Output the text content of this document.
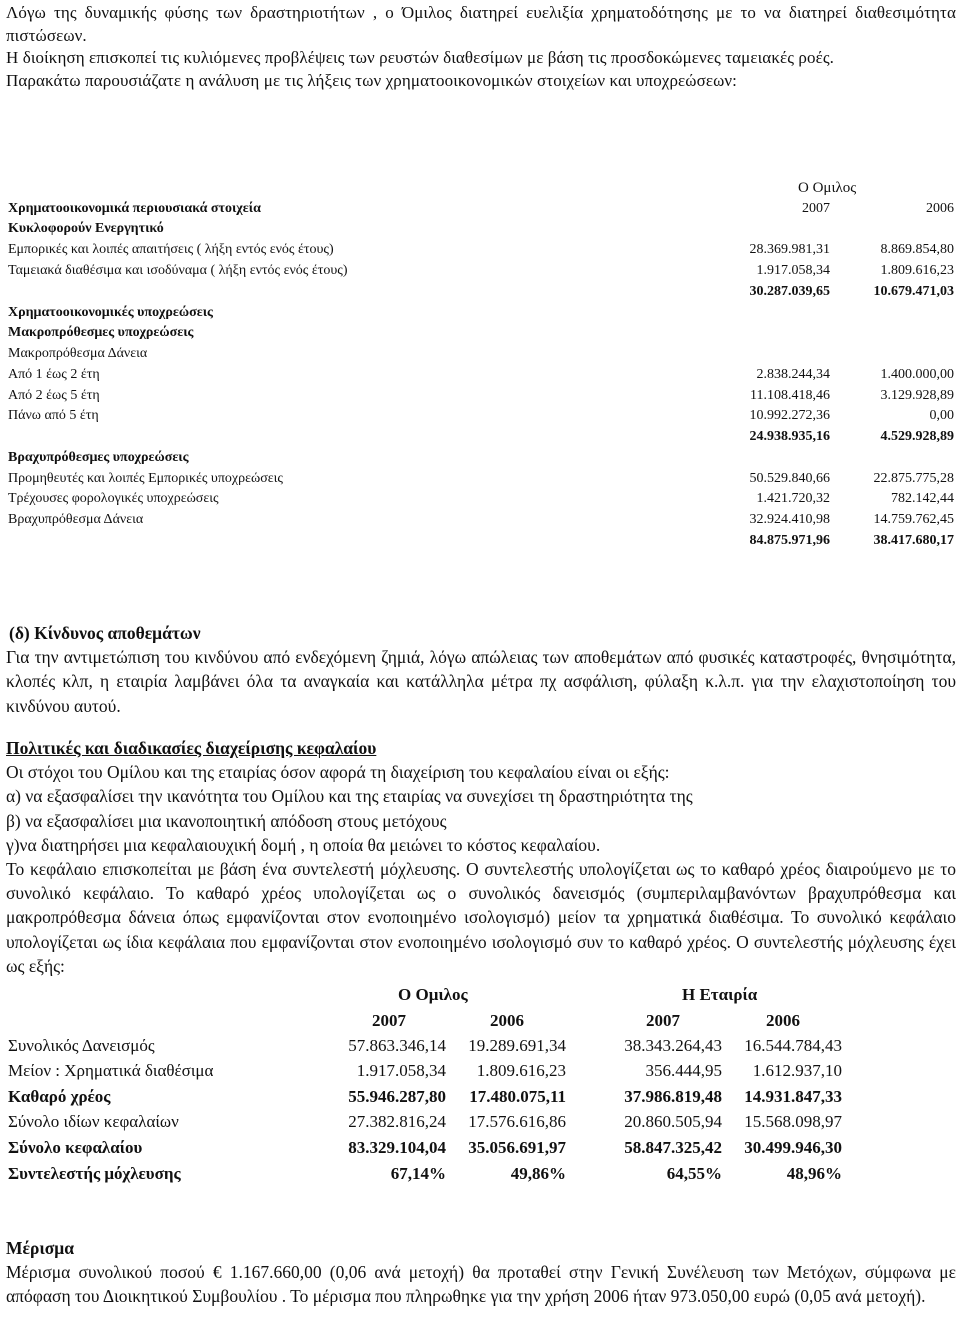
Λόγω της δυναμικής φύσης των δραστηριοτήτων , ο Όμιλος διατηρεί ευελιξία χρηματοδότησης με το να διατηρεί διαθεσιμότητα πιστώσεων.

Η διοίκηση επισκοπεί τις κυλιόμενες προβλέψεις των ρευστών διαθεσίμων με βάση τις προσδοκώμενες ταμειακές ροές.

Παρακάτω παρουσιάζατε η ανάλυση με τις λήξεις των χρηματοοικονομικών στοιχείων και υποχρεώσεων:

Ο Ομιλος
Χρηματοοικονομικά περιουσιακά στοιχεία	2007	2006
Κυκλοφορούν Ενεργητικό
Εμπορικές και λοιπές απαιτήσεις ( λήξη εντός ενός έτους)	28.369.981,31	8.869.854,80
Ταμειακά διαθέσιμα και ισοδύναμα ( λήξη εντός ενός έτους)	1.917.058,34	1.809.616,23
30.287.039,65	10.679.471,03
Χρηματοοικονομικές υποχρεώσεις
Μακροπρόθεσμες υποχρεώσεις
Μακροπρόθεσμα Δάνεια
Από 1 έως 2 έτη	2.838.244,34	1.400.000,00
Από 2 έως 5 έτη	11.108.418,46	3.129.928,89
Πάνω από 5 έτη	10.992.272,36	0,00
24.938.935,16	4.529.928,89
Βραχυπρόθεσμες υποχρεώσεις
Προμηθευτές και λοιπές Εμπορικές υποχρεώσεις	50.529.840,66	22.875.775,28
Τρέχουσες φορολογικές υποχρεώσεις	1.421.720,32	782.142,44
Βραχυπρόθεσμα Δάνεια	32.924.410,98	14.759.762,45
84.875.971,96	38.417.680,17

(δ) Κίνδυνος αποθεμάτων

Για την αντιμετώπιση του κινδύνου από ενδεχόμενη ζημιά, λόγω απώλειας των αποθεμάτων από φυσικές καταστροφές, θνησιμότητα, κλοπές κλπ, η εταιρία λαμβάνει όλα τα αναγκαία και κατάλληλα μέτρα πχ ασφάλιση, φύλαξη κ.λ.π. για την ελαχιστοποίηση του κινδύνου αυτού.

Πολιτικές και διαδικασίες διαχείρισης κεφαλαίου

Οι στόχοι του Ομίλου και της εταιρίας όσον αφορά τη διαχείριση του κεφαλαίου είναι οι εξής:

α) να εξασφαλίσει την ικανότητα του Ομίλου και της εταιρίας να συνεχίσει τη δραστηριότητα της

β) να εξασφαλίσει μια ικανοποιητική απόδοση στους μετόχους

γ)να διατηρήσει μια κεφαλαιουχική δομή , η οποία θα μειώνει το κόστος κεφαλαίου.

Το κεφάλαιο επισκοπείται με βάση ένα συντελεστή μόχλευσης. Ο συντελεστής υπολογίζεται ως το καθαρό χρέος διαιρούμενο με το συνολικό κεφάλαιο. Το καθαρό χρέος υπολογίζεται ως ο συνολικός δανεισμός (συμπεριλαμβανόντων βραχυπρόθεσμα και μακροπρόθεσμα δάνεια όπως εμφανίζονται στον ενοποιημένο ισολογισμό) μείον τα χρηματικά διαθέσιμα. Το συνολικό κεφάλαιο υπολογίζεται ως ίδια κεφάλαια που εμφανίζονται στον ενοποιημένο ισολογισμό συν το καθαρό χρέος. Ο συντελεστής μόχλευσης έχει ως εξής:

Ο Ομιλος	Η Εταιρία
2007	2006	2007	2006
Συνολικός Δανεισμός	57.863.346,14 19.289.691,34	38.343.264,43 16.544.784,43
Μείον : Χρηματικά διαθέσιμα	1.917.058,34 1.809.616,23	356.444,95 1.612.937,10
Καθαρό χρέος	55.946.287,80 17.480.075,11	37.986.819,48 14.931.847,33
Σύνολο ιδίων κεφαλαίων	27.382.816,24 17.576.616,86	20.860.505,94 15.568.098,97
Σύνολο κεφαλαίου	83.329.104,04 35.056.691,97	58.847.325,42 30.499.946,30
Συντελεστής μόχλευσης	67,14%	49,86%	64,55%	48,96%

Μέρισμα

Μέρισμα συνολικού ποσού € 1.167.660,00 (0,06 ανά μετοχή) θα προταθεί στην Γενική Συνέλευση των Μετόχων, σύμφωνα με απόφαση του Διοικητικού Συμβουλίου . Το μέρισμα που πληρωθηκε για την χρήση 2006 ήταν 973.050,00 ευρώ (0,05 ανά μετοχή).
